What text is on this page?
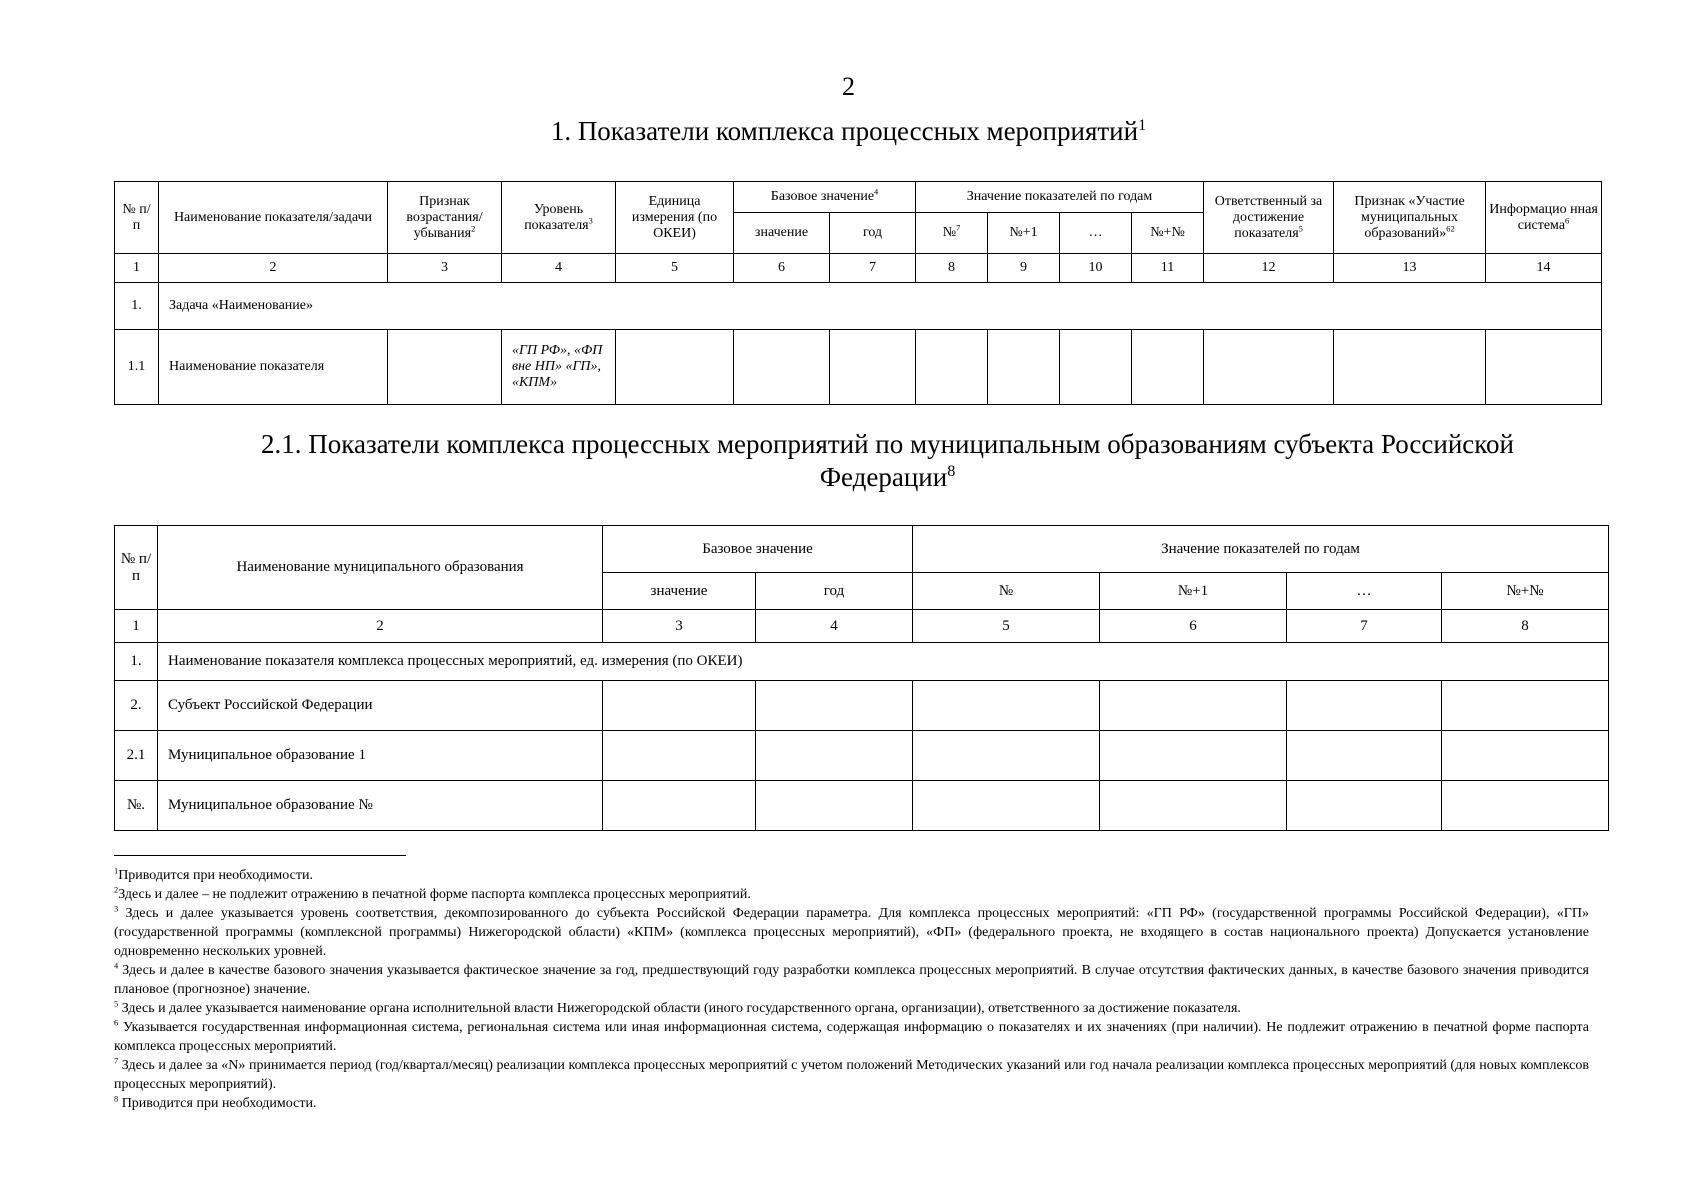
2
1. Показатели комплекса процессных мероприятий$^1$
№ п/ п	Наименование показателя/задачи	Признак возрастания/ убывания$^2$	Уровень показателя$^3$	Единица измерения (по ОКЕИ)	Базовое значение$^4$		Значение показателей по годам				Ответственный за достижение показателя$^5$	Признак «Участие муниципальных образований»$^{62}$	Информацио нная система$^6$
					значение	год	№$^7$	№+1	…	№+№			
1	2	3	4	5	6	7	8	9	10	11	12	13	14
1.	Задача «Наименование»												
1.1	Наименование показателя		«ГП РФ», «ФП вне НП» «ГП», «КПМ»										
2.1. Показатели комплекса процессных мероприятий по муниципальным образованиям субъекта Российской Федерации$^8$
№ п/п	Наименование муниципального образования	Базовое значение		Значение показателей по годам			
		значение	год	№	№+1	…	№+№
1	2	3	4	5	6	7	8
1.	Наименование показателя комплекса процессных мероприятий, ед. измерения (по ОКЕИ)						
2.	Субъект Российской Федерации						
2.1	Муниципальное образование 1						
№.	Муниципальное образование №						

$^1$Приводится при необходимости.

$^2$Здесь и далее – не подлежит отражению в печатной форме паспорта комплекса процессных мероприятий.

$^3$ Здесь и далее указывается уровень соответствия, декомпозированного до субъекта Российской Федерации параметра. Для комплекса процессных мероприятий: «ГП РФ» (государственной программы Российской Федерации), «ГП» (государственной программы (комплексной программы) Нижегородской области) «КПМ» (комплекса процессных мероприятий), «ФП» (федерального проекта, не входящего в состав национального проекта) Допускается установление одновременно нескольких уровней.

$^4$ Здесь и далее в качестве базового значения указывается фактическое значение за год, предшествующий году разработки комплекса процессных мероприятий. В случае отсутствия фактических данных, в качестве базового значения приводится плановое (прогнозное) значение.

$^5$ Здесь и далее указывается наименование органа исполнительной власти Нижегородской области (иного государственного органа, организации), ответственного за достижение показателя.

$^6$ Указывается государственная информационная система, региональная система или иная информационная система, содержащая информацию о показателях и их значениях (при наличии). Не подлежит отражению в печатной форме паспорта комплекса процессных мероприятий.

$^7$ Здесь и далее за «N» принимается период (год/квартал/месяц) реализации комплекса процессных мероприятий с учетом положений Методических указаний или год начала реализации комплекса процессных мероприятий (для новых комплексов процессных мероприятий).

$^8$ Приводится при необходимости.
